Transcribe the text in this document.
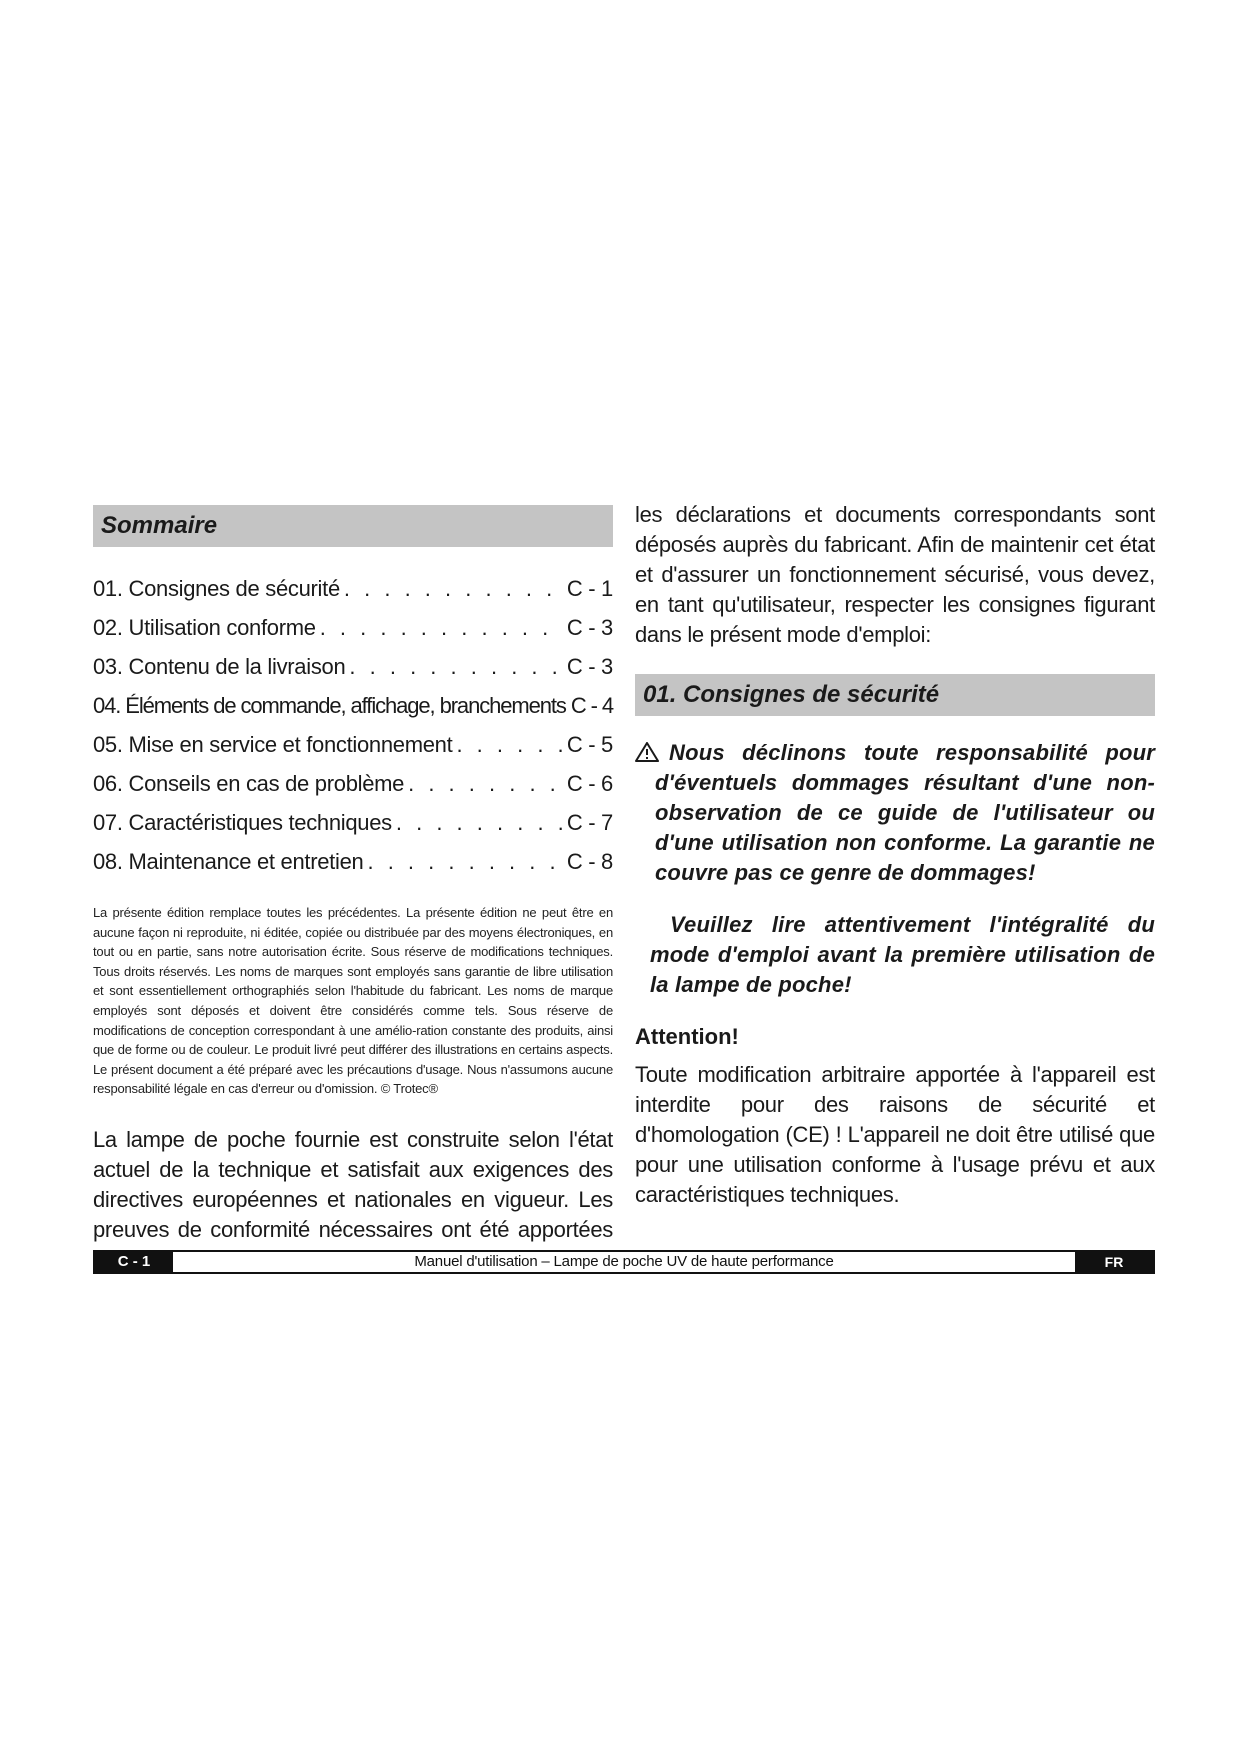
Sommaire
01. Consignes de sécurité . . .	C - 1
02. Utilisation conforme . . .	C - 3
03. Contenu de la livraison . . .	C - 3
04. Éléments de commande, affichage, branchements . . . C - 4
05. Mise en service et fonctionnement . . .	C - 5
06. Conseils en cas de problème . . .	C - 6
07. Caractéristiques techniques . . .	C - 7
08. Maintenance et entretien . . .	C - 8

La présente édition remplace toutes les précédentes. La présente édition ne peut être en aucune façon ni reproduite, ni éditée, copiée ou distribuée par des moyens électroniques, en tout ou en partie, sans notre autorisation écrite. Sous réserve de modifications techniques. Tous droits réservés. Les noms de marques sont employés sans garantie de libre utilisation et sont essentiellement orthographiés selon l'habitude du fabricant. Les noms de marque employés sont déposés et doivent être considérés comme tels. Sous réserve de modifications de conception correspondant à une amélio-ration constante des produits, ainsi que de forme ou de couleur. Le produit livré peut différer des illustrations en certains aspects. Le présent document a été préparé avec les précautions d'usage. Nous n'assumons aucune responsabilité légale en cas d'erreur ou d'omission. © Trotec®

La lampe de poche fournie est construite selon l'état actuel de la technique et satisfait aux exigences des directives européennes et nationales en vigueur. Les preuves de conformité nécessaires ont été apportées

les déclarations et documents correspondants sont déposés auprès du fabricant. Afin de maintenir cet état et d'assurer un fonctionnement sécurisé, vous devez, en tant qu'utilisateur, respecter les consignes figurant dans le présent mode d'emploi:

01. Consignes de sécurité

Nous déclinons toute responsabilité pour d'éventuels dommages résultant d'une non-observation de ce guide de l'utilisateur ou d'une utilisation non conforme. La garantie ne couvre pas ce genre de dommages!

Veuillez lire attentivement l'intégralité du mode d'emploi avant la première utilisation de la lampe de poche!

Attention!

Toute modification arbitraire apportée à l'appareil est interdite pour des raisons de sécurité et d'homologation (CE) ! L'appareil ne doit être utilisé que pour une utilisation conforme à l'usage prévu et aux caractéristiques techniques.

C - 1	Manuel d'utilisation – Lampe de poche UV de haute performance	FR
